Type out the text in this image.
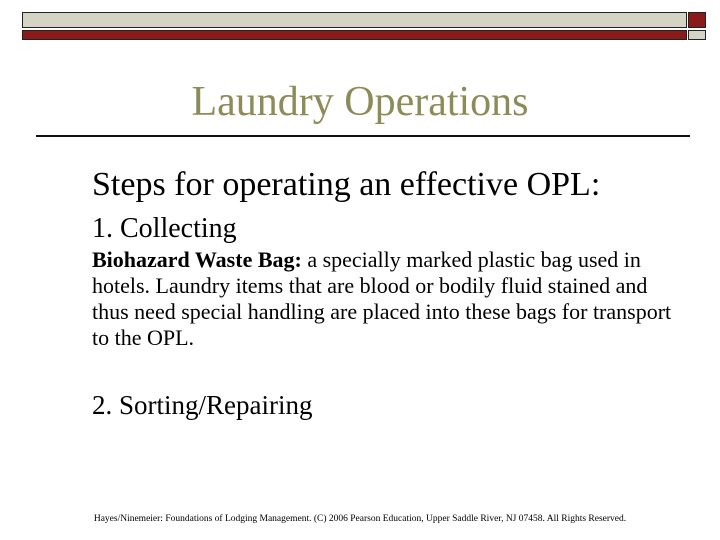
Laundry Operations

Steps for operating an effective OPL:

1. Collecting

Biohazard Waste Bag: a specially marked plastic bag used in hotels. Laundry items that are blood or bodily fluid stained and thus need special handling are placed into these bags for transport to the OPL.

2. Sorting/Repairing

Hayes/Ninemeier: Foundations of Lodging Management. (C) 2006 Pearson Education, Upper Saddle River, NJ 07458. All Rights Reserved.
